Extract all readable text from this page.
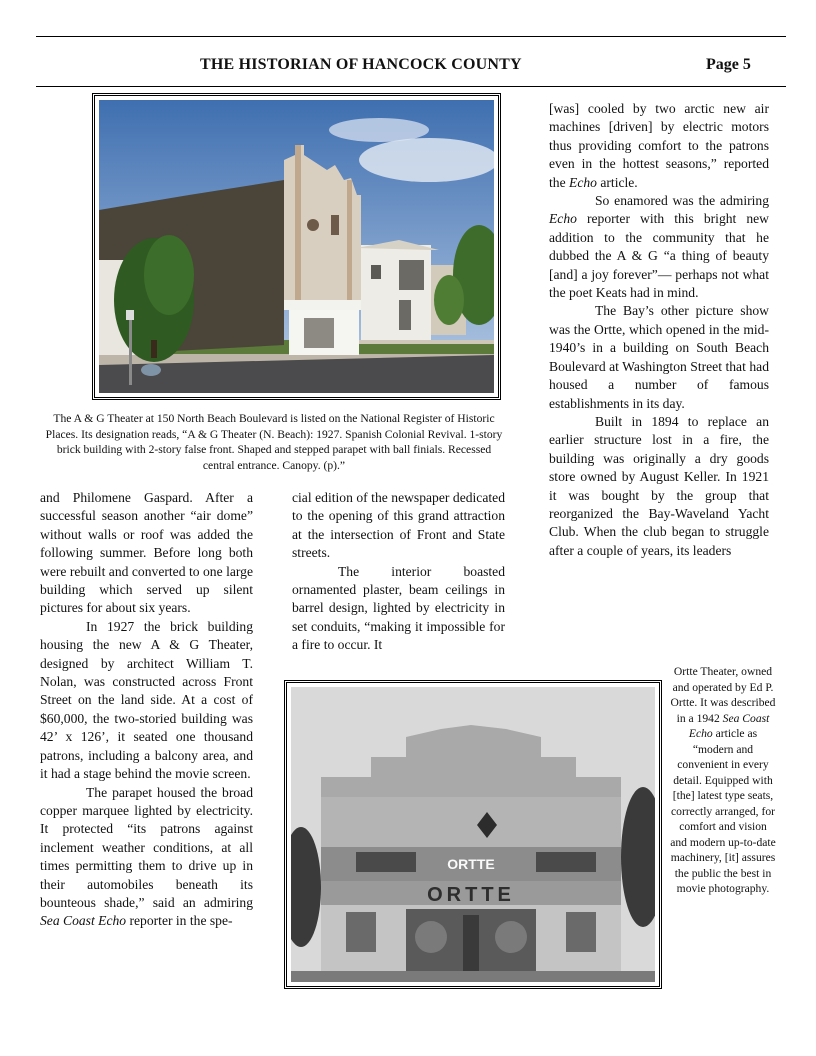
THE HISTORIAN OF HANCOCK COUNTY	Page 5
The A & G Theater at 150 North Beach Boulevard is listed on the National Register of Historic Places. Its designation reads, “A & G Theater (N. Beach): 1927. Spanish Colonial Revival. 1-story brick building with 2-story false front. Shaped and stepped parapet with ball finials. Recessed central entrance. Canopy. (p).”

[was] cooled by two arctic new air machines [driven] by electric motors thus providing comfort to the patrons even in the hottest seasons,” reported the Echo article.

So enamored was the admiring Echo reporter with this bright new addition to the community that he dubbed the A & G “a thing of beauty [and] a joy forever”— perhaps not what the poet Keats had in mind.

The Bay’s other picture show was the Ortte, which opened in the mid-1940’s in a building on South Beach Boulevard at Washington Street that had housed a number of famous establishments in its day.

Built in 1894 to replace an earlier structure lost in a fire, the building was originally a dry goods store owned by August Keller. In 1921 it was bought by the group that reorganized the Bay-Waveland Yacht Club. When the club began to struggle after a couple of years, its leaders

and Philomene Gaspard. After a successful season another “air dome” without walls or roof was added the following summer. Before long both were rebuilt and converted to one large building which served up silent pictures for about six years.

In 1927 the brick building housing the new A & G Theater, designed by architect William T. Nolan, was constructed across Front Street on the land side. At a cost of $60,000, the two-storied building was 42’ x 126’, it seated one thousand patrons, including a balcony area, and it had a stage behind the movie screen.

The parapet housed the broad copper marquee lighted by electricity. It protected “its patrons against inclement weather conditions, at all times permitting them to drive up in their automobiles beneath its bounteous shade,” said an admiring Sea Coast Echo reporter in the spe-

cial edition of the newspaper dedicated to the opening of this grand attraction at the intersection of Front and State streets.

The interior boasted ornamented plaster, beam ceilings in barrel design, lighted by electricity in set conduits, “making it impossible for a fire to occur. It

ORTTE
ORTTE
Ortte Theater, owned and operated by Ed P. Ortte. It was described in a 1942 Sea Coast Echo article as “modern and convenient in every detail. Equipped with [the] latest type seats, correctly arranged, for comfort and vision and modern up-to-date machinery, [it] assures the public the best in movie photography.
